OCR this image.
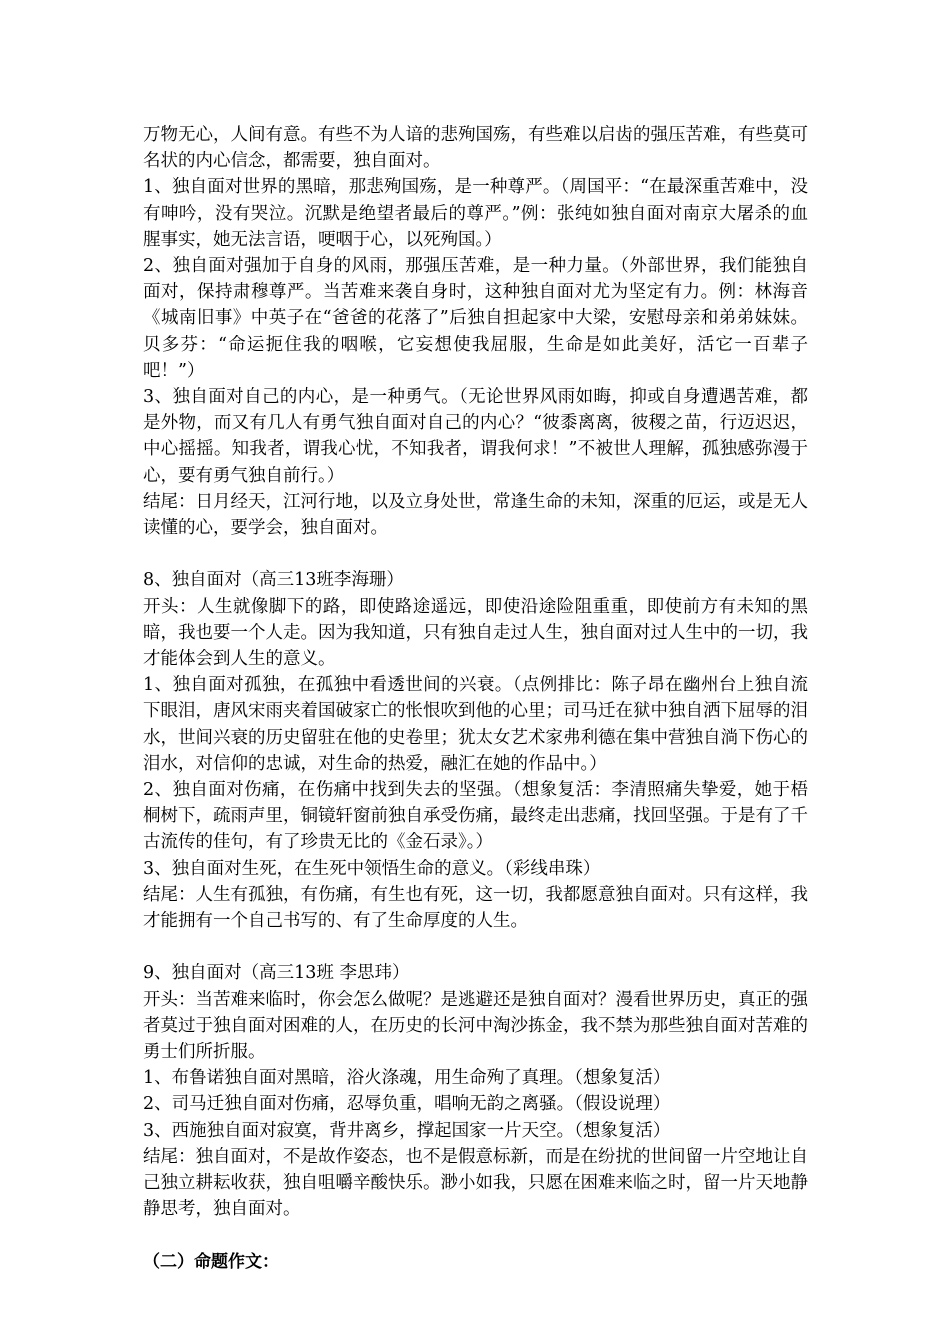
万物无心，人间有意。有些不为人谙的悲殉国殇，有些难以启齿的强压苦难，有些莫可名状的内心信念，都需要，独自面对。

1、独自面对世界的黑暗，那悲殉国殇，是一种尊严。（周国平：“在最深重苦难中，没有呻吟，没有哭泣。沉默是绝望者最后的尊严。”例：张纯如独自面对南京大屠杀的血腥事实，她无法言语，哽咽于心，以死殉国。）

2、独自面对强加于自身的风雨，那强压苦难，是一种力量。（外部世界，我们能独自面对，保持肃穆尊严。当苦难来袭自身时，这种独自面对尤为坚定有力。例：林海音《城南旧事》中英子在“爸爸的花落了”后独自担起家中大梁，安慰母亲和弟弟妹妹。贝多芬：“命运扼住我的咽喉，它妄想使我屈服，生命是如此美好，活它一百辈子吧！”）

3、独自面对自己的内心，是一种勇气。（无论世界风雨如晦，抑或自身遭遇苦难，都是外物，而又有几人有勇气独自面对自己的内心？“彼黍离离，彼稷之苗，行迈迟迟，中心摇摇。知我者，谓我心忧，不知我者，谓我何求！”不被世人理解，孤独感弥漫于心，要有勇气独自前行。）

结尾：日月经天，江河行地，以及立身处世，常逢生命的未知，深重的厄运，或是无人读懂的心，要学会，独自面对。

8、独自面对（高三13班李海珊）

开头：人生就像脚下的路，即使路途遥远，即使沿途险阻重重，即使前方有未知的黑暗，我也要一个人走。因为我知道，只有独自走过人生，独自面对过人生中的一切，我才能体会到人生的意义。

1、独自面对孤独，在孤独中看透世间的兴衰。（点例排比：陈子昂在幽州台上独自流下眼泪，唐风宋雨夹着国破家亡的怅恨吹到他的心里；司马迁在狱中独自洒下屈辱的泪水，世间兴衰的历史留驻在他的史卷里；犹太女艺术家弗利德在集中营独自淌下伤心的泪水，对信仰的忠诚，对生命的热爱，融汇在她的作品中。）

2、独自面对伤痛，在伤痛中找到失去的坚强。（想象复活：李清照痛失挚爱，她于梧桐树下，疏雨声里，铜镜轩窗前独自承受伤痛，最终走出悲痛，找回坚强。于是有了千古流传的佳句，有了珍贵无比的《金石录》。）

3、独自面对生死，在生死中领悟生命的意义。（彩线串珠）

结尾：人生有孤独，有伤痛，有生也有死，这一切，我都愿意独自面对。只有这样，我才能拥有一个自己书写的、有了生命厚度的人生。

9、独自面对（高三13班 李思玮）

开头：当苦难来临时，你会怎么做呢？是逃避还是独自面对？漫看世界历史，真正的强者莫过于独自面对困难的人，在历史的长河中淘沙拣金，我不禁为那些独自面对苦难的勇士们所折服。

1、布鲁诺独自面对黑暗，浴火涤魂，用生命殉了真理。（想象复活）

2、司马迁独自面对伤痛，忍辱负重，唱响无韵之离骚。（假设说理）

3、西施独自面对寂寞，背井离乡，撑起国家一片天空。（想象复活）

结尾：独自面对，不是故作姿态，也不是假意标新，而是在纷扰的世间留一片空地让自己独立耕耘收获，独自咀嚼辛酸快乐。渺小如我，只愿在困难来临之时，留一片天地静静思考，独自面对。

（二）命题作文：
